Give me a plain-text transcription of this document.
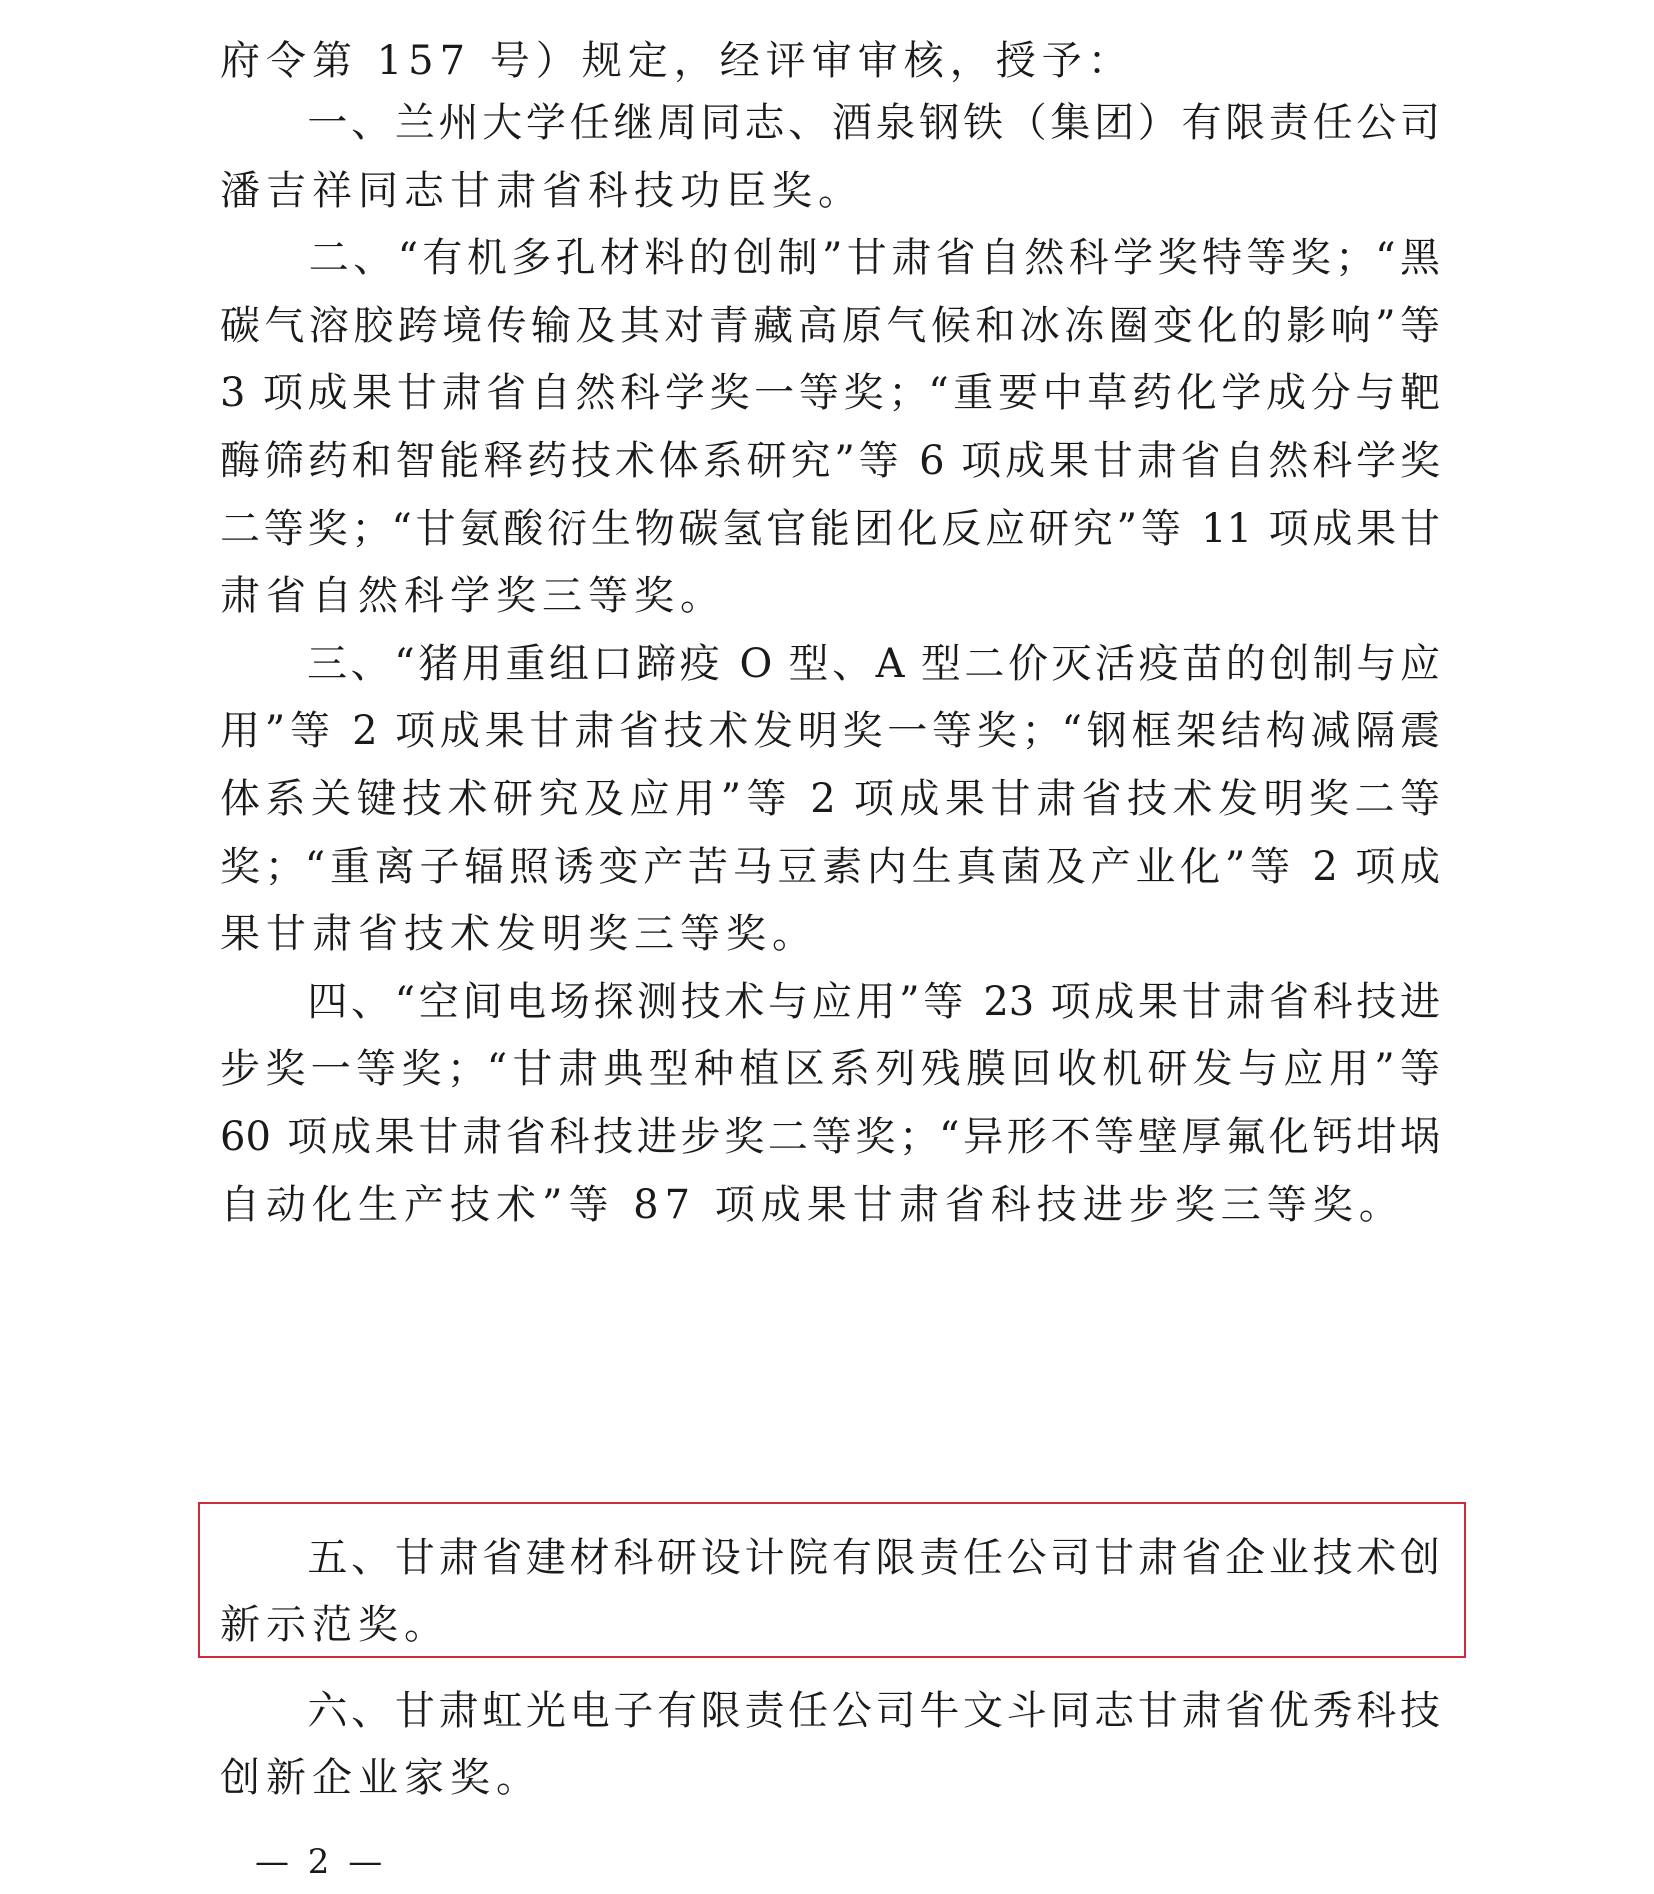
府令第 157 号）规定，经评审审核，授予：
　　一、兰州大学任继周同志、酒泉钢铁（集团）有限责任公司
潘吉祥同志甘肃省科技功臣奖。
　　二、“有机多孔材料的创制”甘肃省自然科学奖特等奖；“黑
碳气溶胶跨境传输及其对青藏高原气候和冰冻圈变化的影响”等
3 项成果甘肃省自然科学奖一等奖；“重要中草药化学成分与靶
酶筛药和智能释药技术体系研究”等 6 项成果甘肃省自然科学奖
二等奖；“甘氨酸衍生物碳氢官能团化反应研究”等 11 项成果甘
肃省自然科学奖三等奖。
　　三、“猪用重组口蹄疫 O 型、A 型二价灭活疫苗的创制与应
用”等 2 项成果甘肃省技术发明奖一等奖；“钢框架结构减隔震
体系关键技术研究及应用”等 2 项成果甘肃省技术发明奖二等
奖；“重离子辐照诱变产苦马豆素内生真菌及产业化”等 2 项成
果甘肃省技术发明奖三等奖。
　　四、“空间电场探测技术与应用”等 23 项成果甘肃省科技进
步奖一等奖；“甘肃典型种植区系列残膜回收机研发与应用”等
60 项成果甘肃省科技进步奖二等奖；“异形不等壁厚氟化钙坩埚
自动化生产技术”等 87 项成果甘肃省科技进步奖三等奖。
　　五、甘肃省建材科研设计院有限责任公司甘肃省企业技术创
新示范奖。
　　六、甘肃虹光电子有限责任公司牛文斗同志甘肃省优秀科技
创新企业家奖。
— 2 —
